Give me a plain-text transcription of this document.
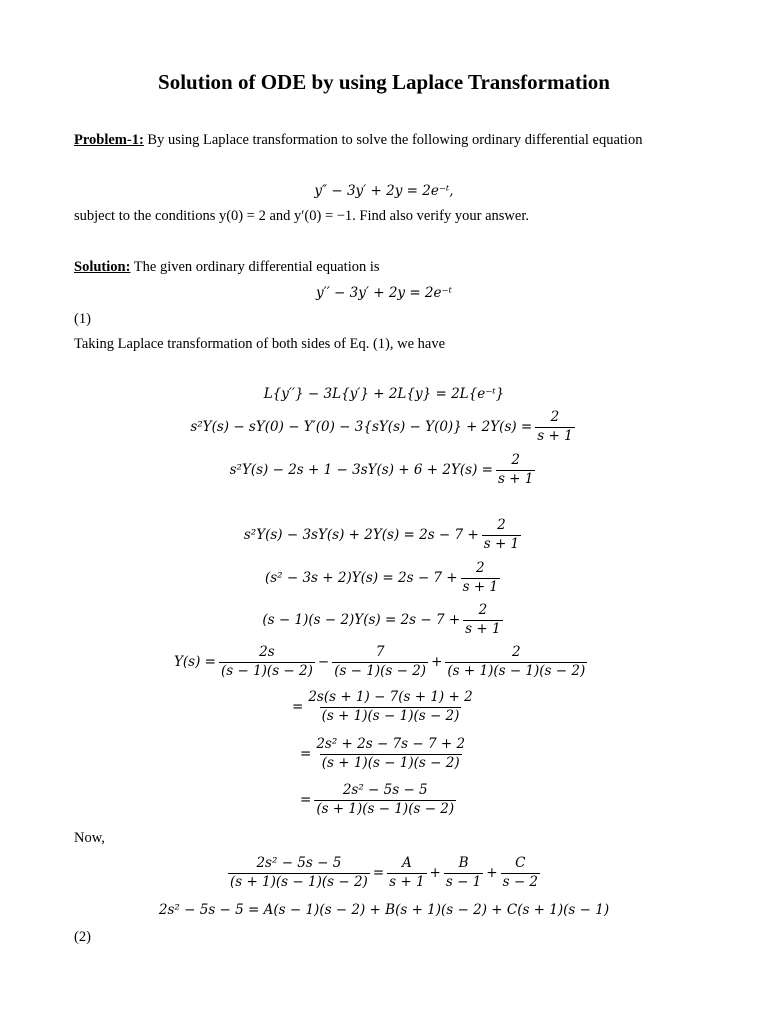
Solution of ODE by using Laplace Transformation
Problem-1: By using Laplace transformation to solve the following ordinary differential equation
y″ − 3y′ + 2y = 2e⁻ᵗ,
subject to the conditions y(0) = 2 and y′(0) = −1. Find also verify your answer.
Solution: The given ordinary differential equation is
y′′ − 3y′ + 2y = 2e⁻ᵗ
(1)
Taking Laplace transformation of both sides of Eq. (1), we have
L{y′′} − 3L{y′} + 2L{y} = 2L{e⁻ᵗ}
$s^2Y(s) - sY(0) - Y'(0) - 3\{sY(s) - Y(0)\} + 2Y(s) = \frac{2}{s + 1}$
$s^2Y(s) - 2s + 1 - 3sY(s) + 6 + 2Y(s) = \frac{2}{s + 1}$
$s^2Y(s) - 3sY(s) + 2Y(s) = 2s - 7 + \frac{2}{s + 1}$
$(s^2 - 3s + 2)Y(s) = 2s - 7 + \frac{2}{s + 1}$
$(s - 1)(s - 2)Y(s) = 2s - 7 + \frac{2}{s + 1}$
$Y(s) = \frac{2s}{(s - 1)(s - 2)} - \frac{7}{(s - 1)(s - 2)} + \frac{2}{(s + 1)(s - 1)(s - 2)}$
= $\frac{2s(s + 1) - 7(s + 1) + 2}{(s + 1)(s - 1)(s - 2)}$
= $\frac{\text{2s² + 2s − 7s − 7 + 2}}{(s + 1)(s - 1)(s - 2)}$
= $\frac{\text{2s² − 5s − 5}}{(s + 1)(s - 1)(s - 2)}$
Now,
$\frac{\text{2s² − 5s − 5}}{(s + 1)(s - 1)(s - 2)} = \frac{A}{s + 1} + \frac{B}{s - 1} + \frac{C}{s - 2}$
2s² − 5s − 5 = A(s − 1)(s − 2) + B(s + 1)(s − 2) + C(s + 1)(s − 1)
(2)
